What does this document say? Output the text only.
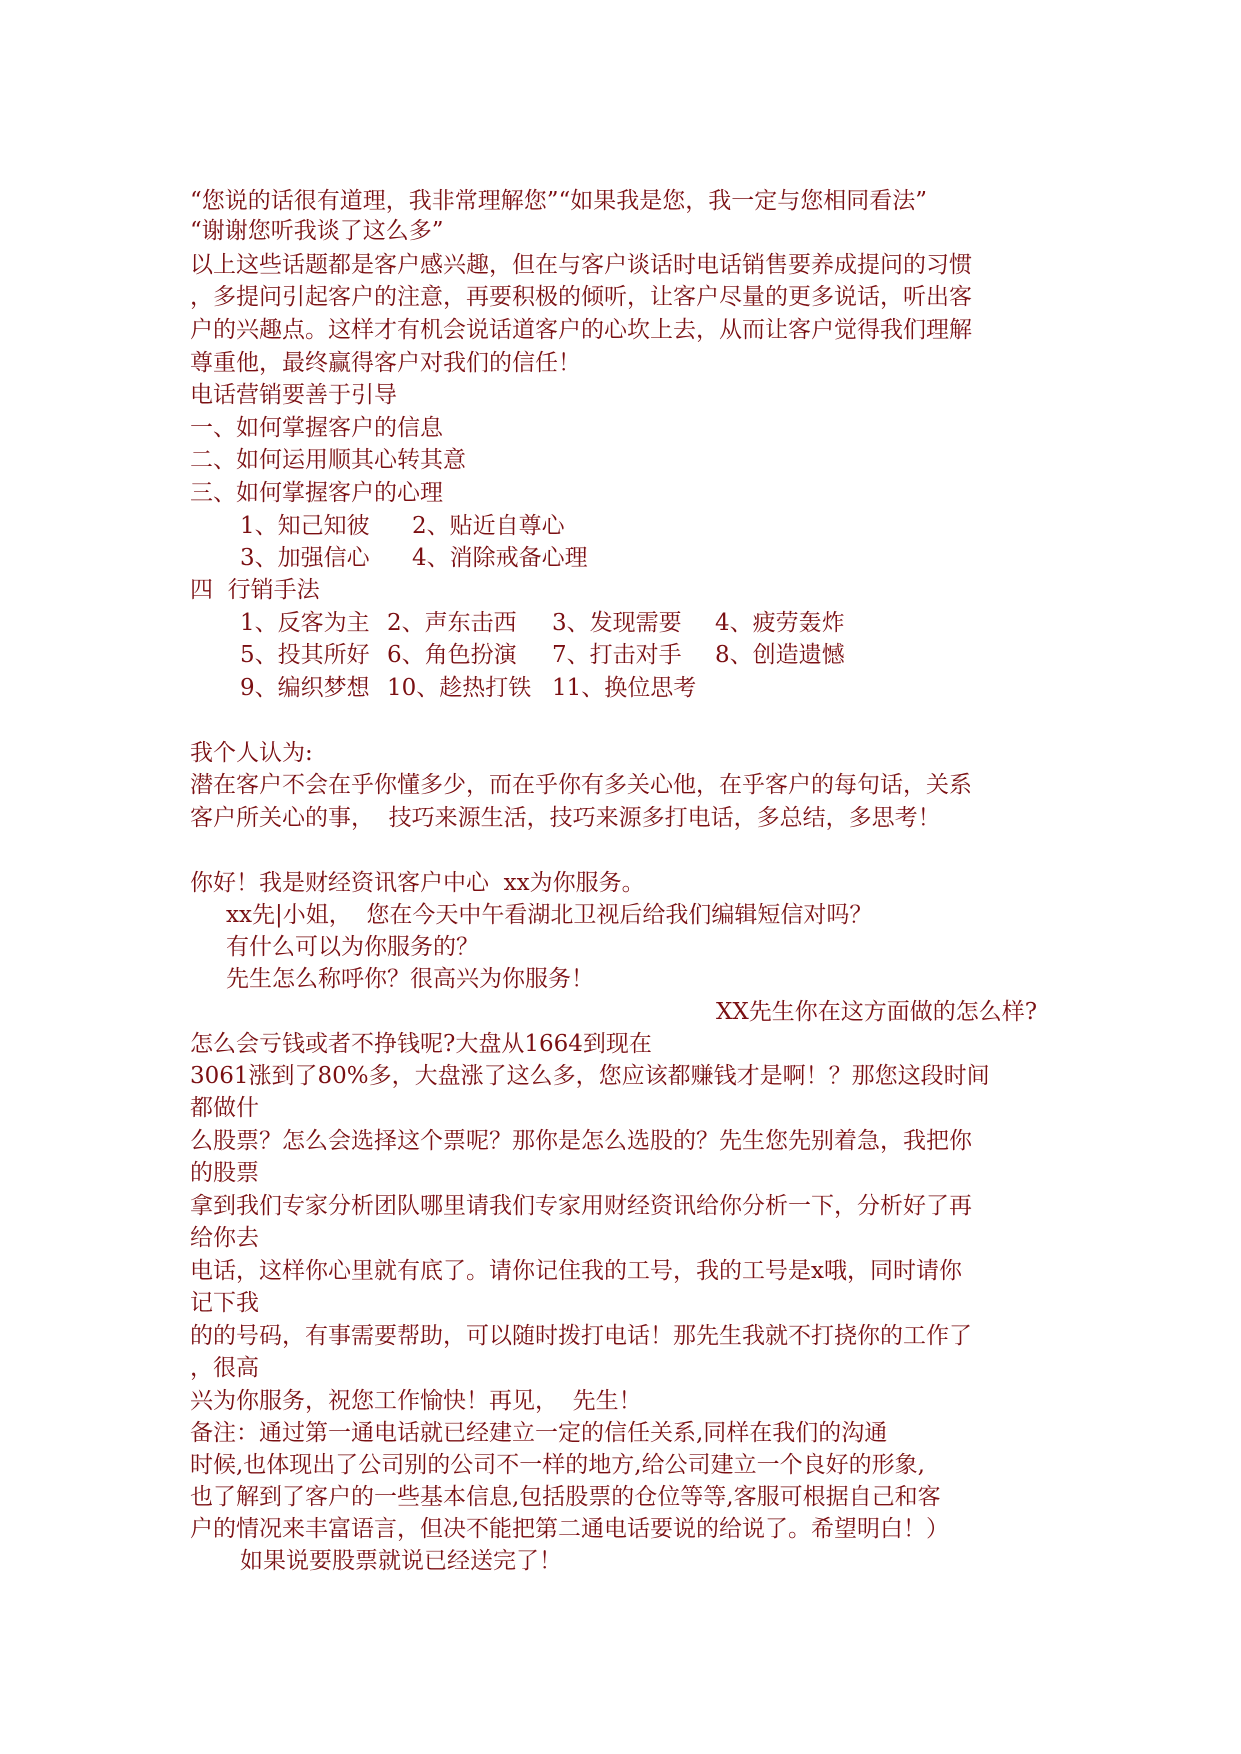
“您说的话很有道理，我非常理解您”“如果我是您，我一定与您相同看法”
“谢谢您听我谈了这么多”
以上这些话题都是客户感兴趣，但在与客户谈话时电话销售要养成提问的习惯
，多提问引起客户的注意，再要积极的倾听，让客户尽量的更多说话，听出客
户的兴趣点。这样才有机会说话道客户的心坎上去，从而让客户觉得我们理解
尊重他，最终赢得客户对我们的信任！
电话营销要善于引导
一、如何掌握客户的信息
二、如何运用顺其心转其意
三、如何掌握客户的心理

1、知己知彼

2、贴近自尊心

3、加强信心

4、消除戒备心理

四  行销手法

1、反客为主

2、声东击西

3、发现需要

4、疲劳轰炸

5、投其所好

6、角色扮演

7、打击对手

8、创造遗憾

9、编织梦想

10、趁热打铁

11、换位思考

我个人认为:
潜在客户不会在乎你懂多少，而在乎你有多关心他，在乎客户的每句话，关系
客户所关心的事，  技巧来源生活，技巧来源多打电话，多总结，多思考！
你好！我是财经资讯客户中心  xx为你服务。
xx先|小姐，  您在今天中午看湖北卫视后给我们编辑短信对吗？
有什么可以为你服务的？
先生怎么称呼你？很高兴为你服务！
XX先生你在这方面做的怎么样?
怎么会亏钱或者不挣钱呢?大盘从1664到现在
3061涨到了80%多，大盘涨了这么多，您应该都赚钱才是啊！？那您这段时间
都做什
么股票？怎么会选择这个票呢？那你是怎么选股的？先生您先别着急，我把你
的股票
拿到我们专家分析团队哪里请我们专家用财经资讯给你分析一下，分析好了再
给你去
电话，这样你心里就有底了。请你记住我的工号，我的工号是x哦，同时请你
记下我
的的号码，有事需要帮助，可以随时拨打电话！那先生我就不打挠你的工作了
，很高
兴为你服务，祝您工作愉快！再见，  先生！
备注：通过第一通电话就已经建立一定的信任关系,同样在我们的沟通
时候,也体现出了公司别的公司不一样的地方,给公司建立一个良好的形象,
也了解到了客户的一些基本信息,包括股票的仓位等等,客服可根据自己和客
户的情况来丰富语言，但决不能把第二通电话要说的给说了。希望明白！）
如果说要股票就说已经送完了！
